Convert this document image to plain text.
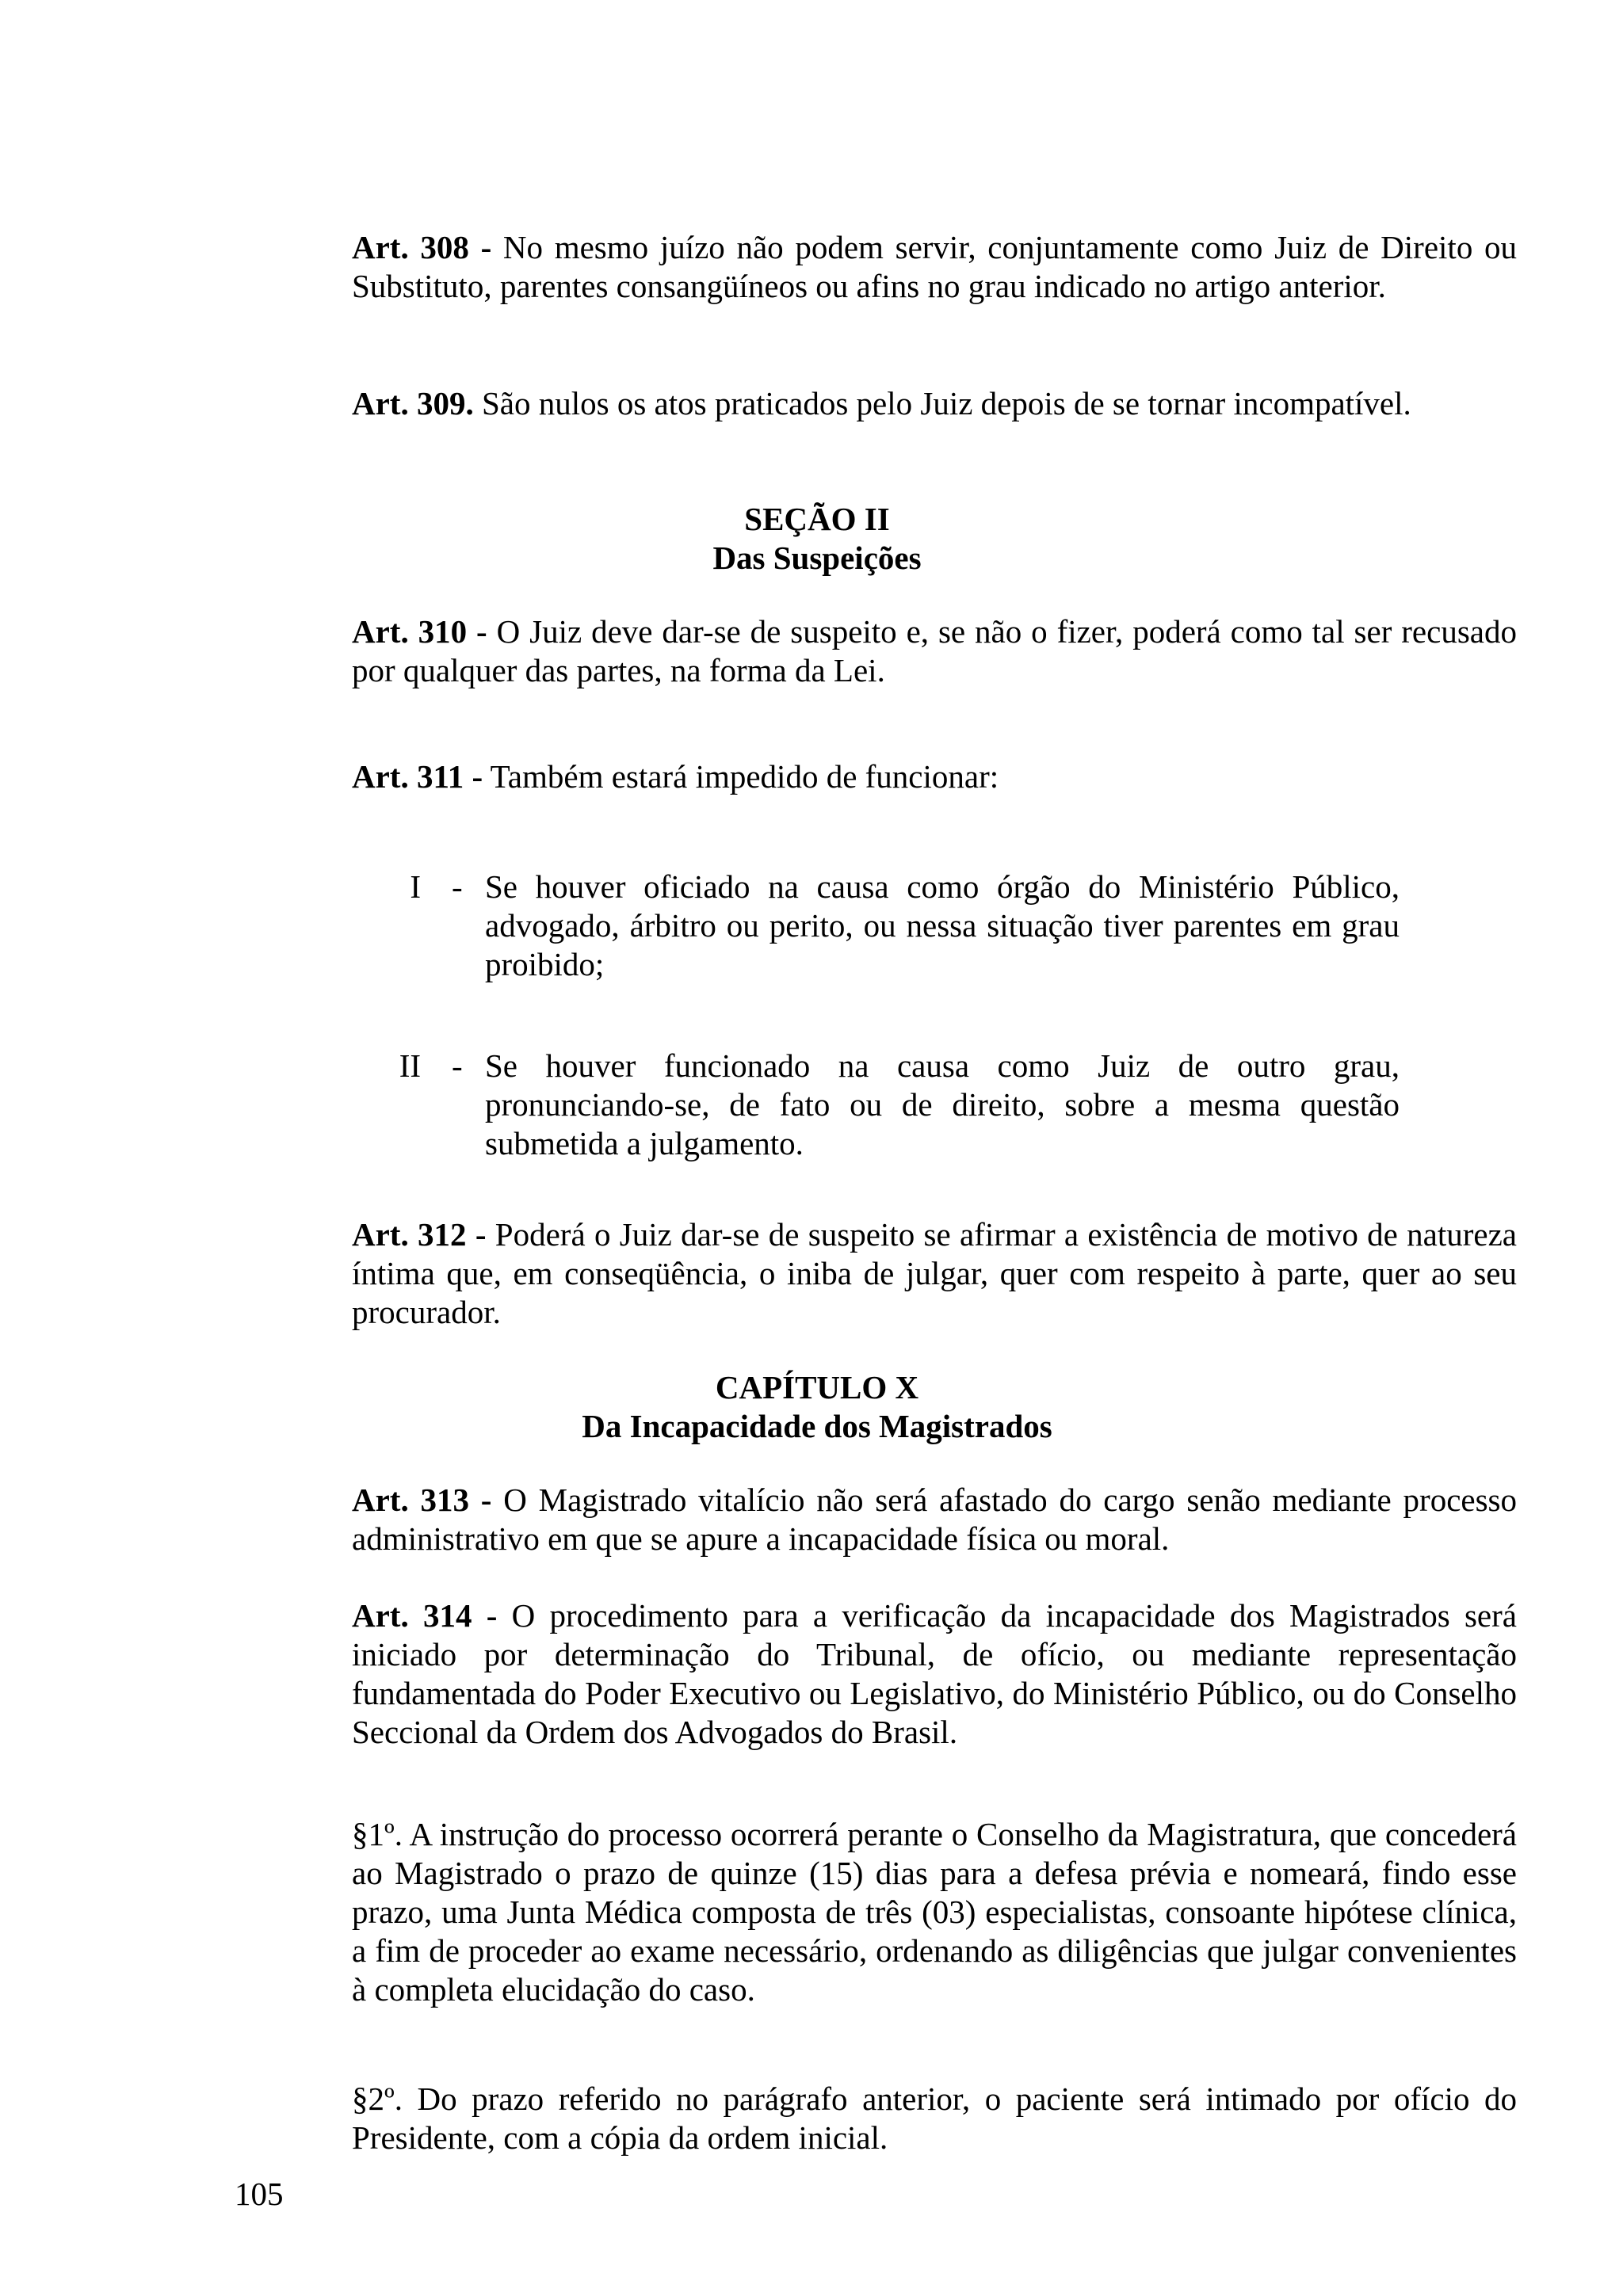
Art. 308 - No mesmo juízo não podem servir, conjuntamente como Juiz de Direito ou Substituto, parentes consangüíneos ou afins no grau indicado no artigo anterior.

Art. 309. São nulos os atos praticados pelo Juiz depois de se tornar incompatível.

SEÇÃO II
Das Suspeições

Art. 310 - O Juiz deve dar-se de suspeito e, se não o fizer, poderá como tal ser recusado por qualquer das partes, na forma da Lei.

Art. 311 - Também estará impedido de funcionar:

I - Se houver oficiado na causa como órgão do Ministério Público, advogado, árbitro ou perito, ou nessa situação tiver parentes em grau proibido;
II - Se houver funcionado na causa como Juiz de outro grau, pronunciando-se, de fato ou de direito, sobre a mesma questão submetida a julgamento.

Art. 312 - Poderá o Juiz dar-se de suspeito se afirmar a existência de motivo de natureza íntima que, em conseqüência, o iniba de julgar, quer com respeito à parte, quer ao seu procurador.

CAPÍTULO X
Da Incapacidade dos Magistrados

Art. 313 - O Magistrado vitalício não será afastado do cargo senão mediante processo administrativo em que se apure a incapacidade física ou moral.

Art. 314 - O procedimento para a verificação da incapacidade dos Magistrados será iniciado por determinação do Tribunal, de ofício, ou mediante representação fundamentada do Poder Executivo ou Legislativo, do Ministério Público, ou do Conselho Seccional da Ordem dos Advogados do Brasil.

§1º. A instrução do processo ocorrerá perante o Conselho da Magistratura, que concederá ao Magistrado o prazo de quinze (15) dias para a defesa prévia e nomeará, findo esse prazo, uma Junta Médica composta de três (03) especialistas, consoante hipótese clínica, a fim de proceder ao exame necessário, ordenando as diligências que julgar convenientes à completa elucidação do caso.

§2º. Do prazo referido no parágrafo anterior, o paciente será intimado por ofício do Presidente, com a cópia da ordem inicial.

105
